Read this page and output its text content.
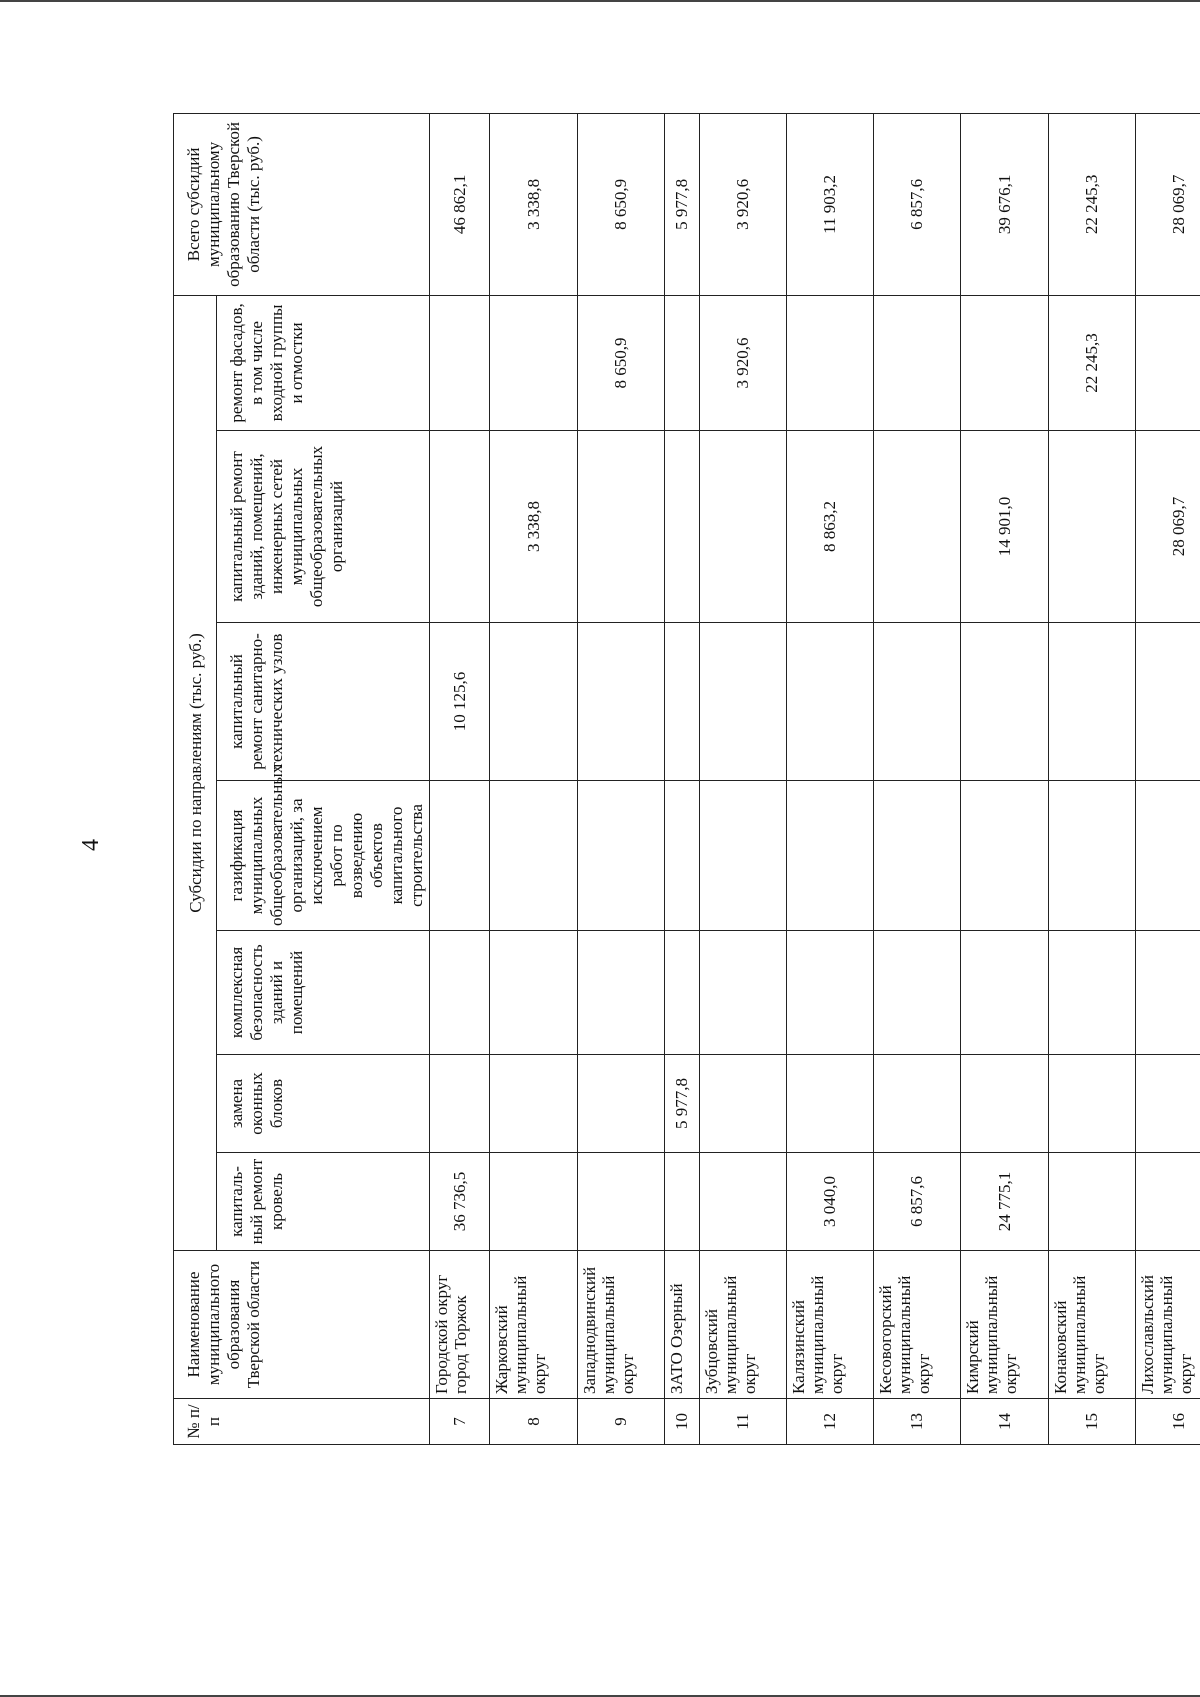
4
№ п/п	Наименование муниципального образования Тверской области	Субсидии по направлениям (тыс. руб.)							Всего субсидий муниципальному образованию Тверской области (тыс. руб.)
		капиталь-ный ремонт кровель	замена оконных блоков	комплексная безопасность зданий и помещений	газификация муниципальных общеобразовательных организаций, за исключением работ по возведению объектов капитального строительства	капитальный ремонт санитарно-технических узлов	капитальный ремонт зданий, помещений, инженерных сетей муниципальных общеобразовательных организаций	ремонт фасадов, в том числе входной группы и отмостки	
7	Городской округ город Торжок	36 736,5				10 125,6			46 862,1
8	Жарковский муниципальный округ						3 338,8		3 338,8
9	Западнодвинский муниципальный округ							8 650,9	8 650,9
10	ЗАТО Озерный		5 977,8						5 977,8
11	Зубцовский муниципальный округ							3 920,6	3 920,6
12	Калязинский муниципальный округ	3 040,0					8 863,2		11 903,2
13	Кесовогорский муниципальный округ	6 857,6							6 857,6
14	Кимрский муниципальный округ	24 775,1					14 901,0		39 676,1
15	Конаковский муниципальный округ							22 245,3	22 245,3
16	Лихославльский муниципальный округ						28 069,7		28 069,7
